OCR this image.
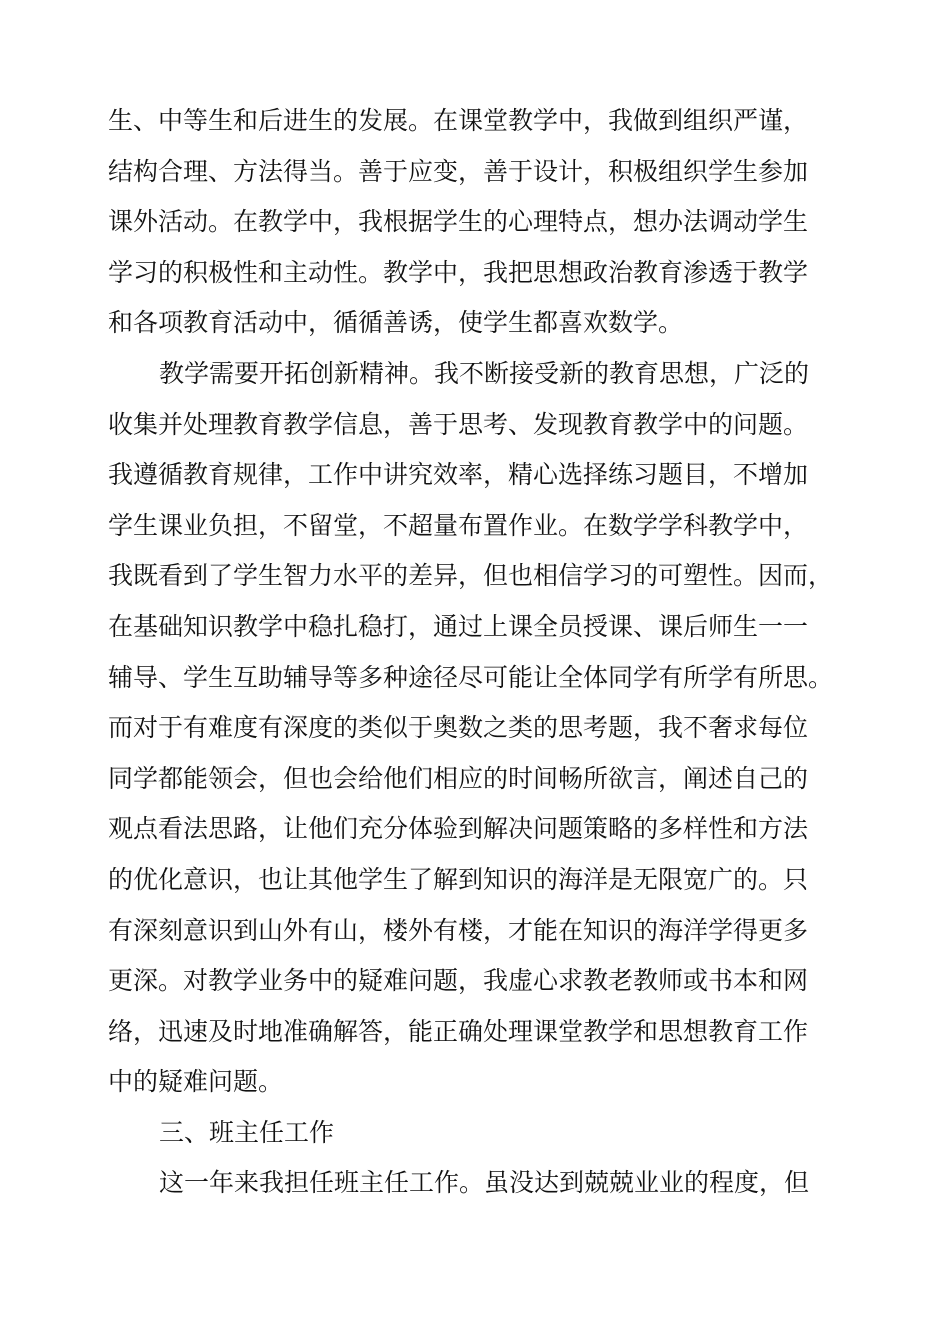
生、中等生和后进生的发展。在课堂教学中，我做到组织严谨，
结构合理、方法得当。善于应变，善于设计，积极组织学生参加
课外活动。在教学中，我根据学生的心理特点，想办法调动学生
学习的积极性和主动性。教学中，我把思想政治教育渗透于教学
和各项教育活动中，循循善诱，使学生都喜欢数学。
教学需要开拓创新精神。我不断接受新的教育思想，广泛的
收集并处理教育教学信息，善于思考、发现教育教学中的问题。
我遵循教育规律，工作中讲究效率，精心选择练习题目，不增加
学生课业负担，不留堂，不超量布置作业。在数学学科教学中，
我既看到了学生智力水平的差异，但也相信学习的可塑性。因而，
在基础知识教学中稳扎稳打，通过上课全员授课、课后师生一一
辅导、学生互助辅导等多种途径尽可能让全体同学有所学有所思。
而对于有难度有深度的类似于奥数之类的思考题，我不奢求每位
同学都能领会，但也会给他们相应的时间畅所欲言，阐述自己的
观点看法思路，让他们充分体验到解决问题策略的多样性和方法
的优化意识，也让其他学生了解到知识的海洋是无限宽广的。只
有深刻意识到山外有山，楼外有楼，才能在知识的海洋学得更多
更深。对教学业务中的疑难问题，我虚心求教老教师或书本和网
络，迅速及时地准确解答，能正确处理课堂教学和思想教育工作
中的疑难问题。
三、班主任工作
这一年来我担任班主任工作。虽没达到兢兢业业的程度，但
